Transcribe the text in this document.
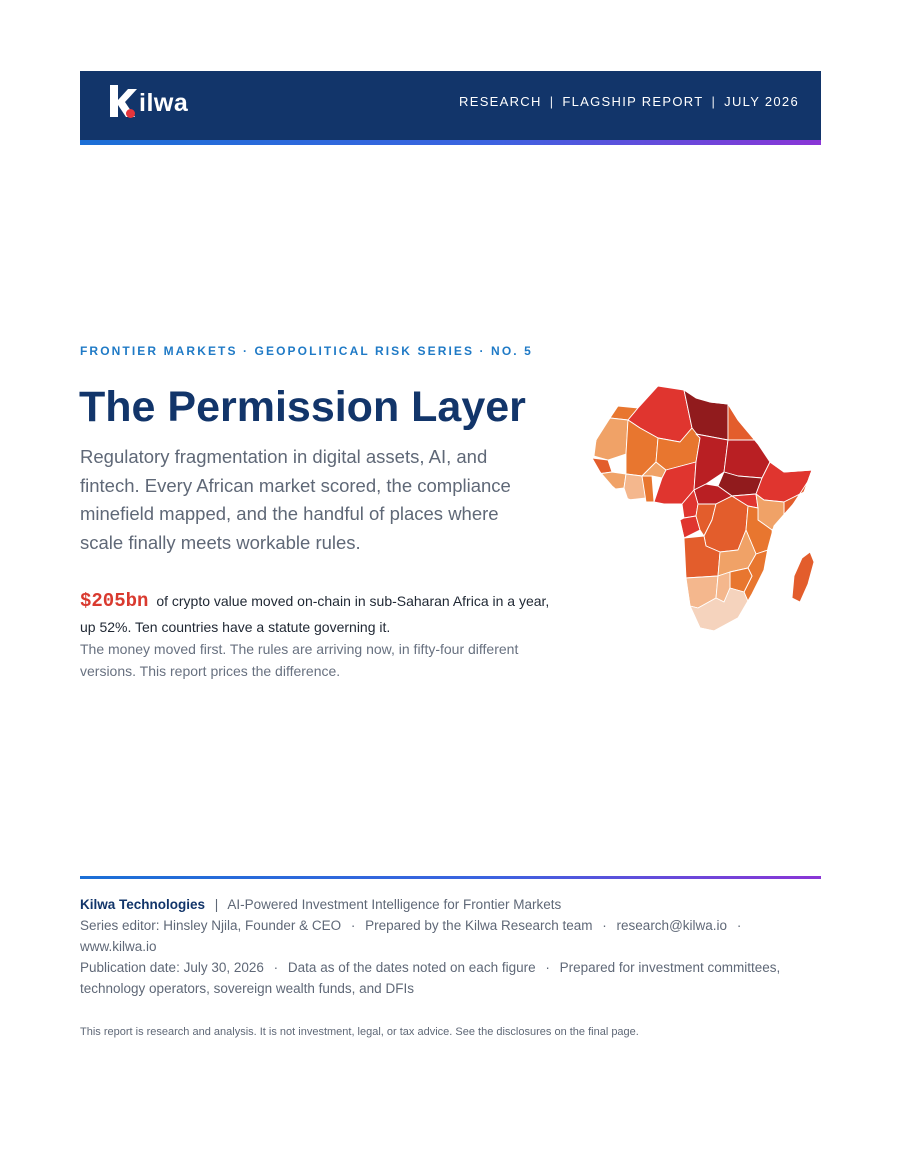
ilwa	RESEARCH | FLAGSHIP REPORT | JULY 2026
FRONTIER MARKETS · GEOPOLITICAL RISK SERIES · NO. 5
The Permission Layer

Regulatory fragmentation in digital assets, AI, and fintech. Every African market scored, the compliance minefield mapped, and the handful of places where scale finally meets workable rules.

$205bn of crypto value moved on-chain in sub-Saharan Africa in a year, up 52%. Ten countries have a statute governing it.

The money moved first. The rules are arriving now, in fifty-four different versions. This report prices the difference.

Kilwa Technologies | AI-Powered Investment Intelligence for Frontier Markets

Series editor: Hinsley Njila, Founder & CEO · Prepared by the Kilwa Research team · research@kilwa.io · www.kilwa.io

Publication date: July 30, 2026 · Data as of the dates noted on each figure · Prepared for investment committees, technology operators, sovereign wealth funds, and DFIs

This report is research and analysis. It is not investment, legal, or tax advice. See the disclosures on the final page.
